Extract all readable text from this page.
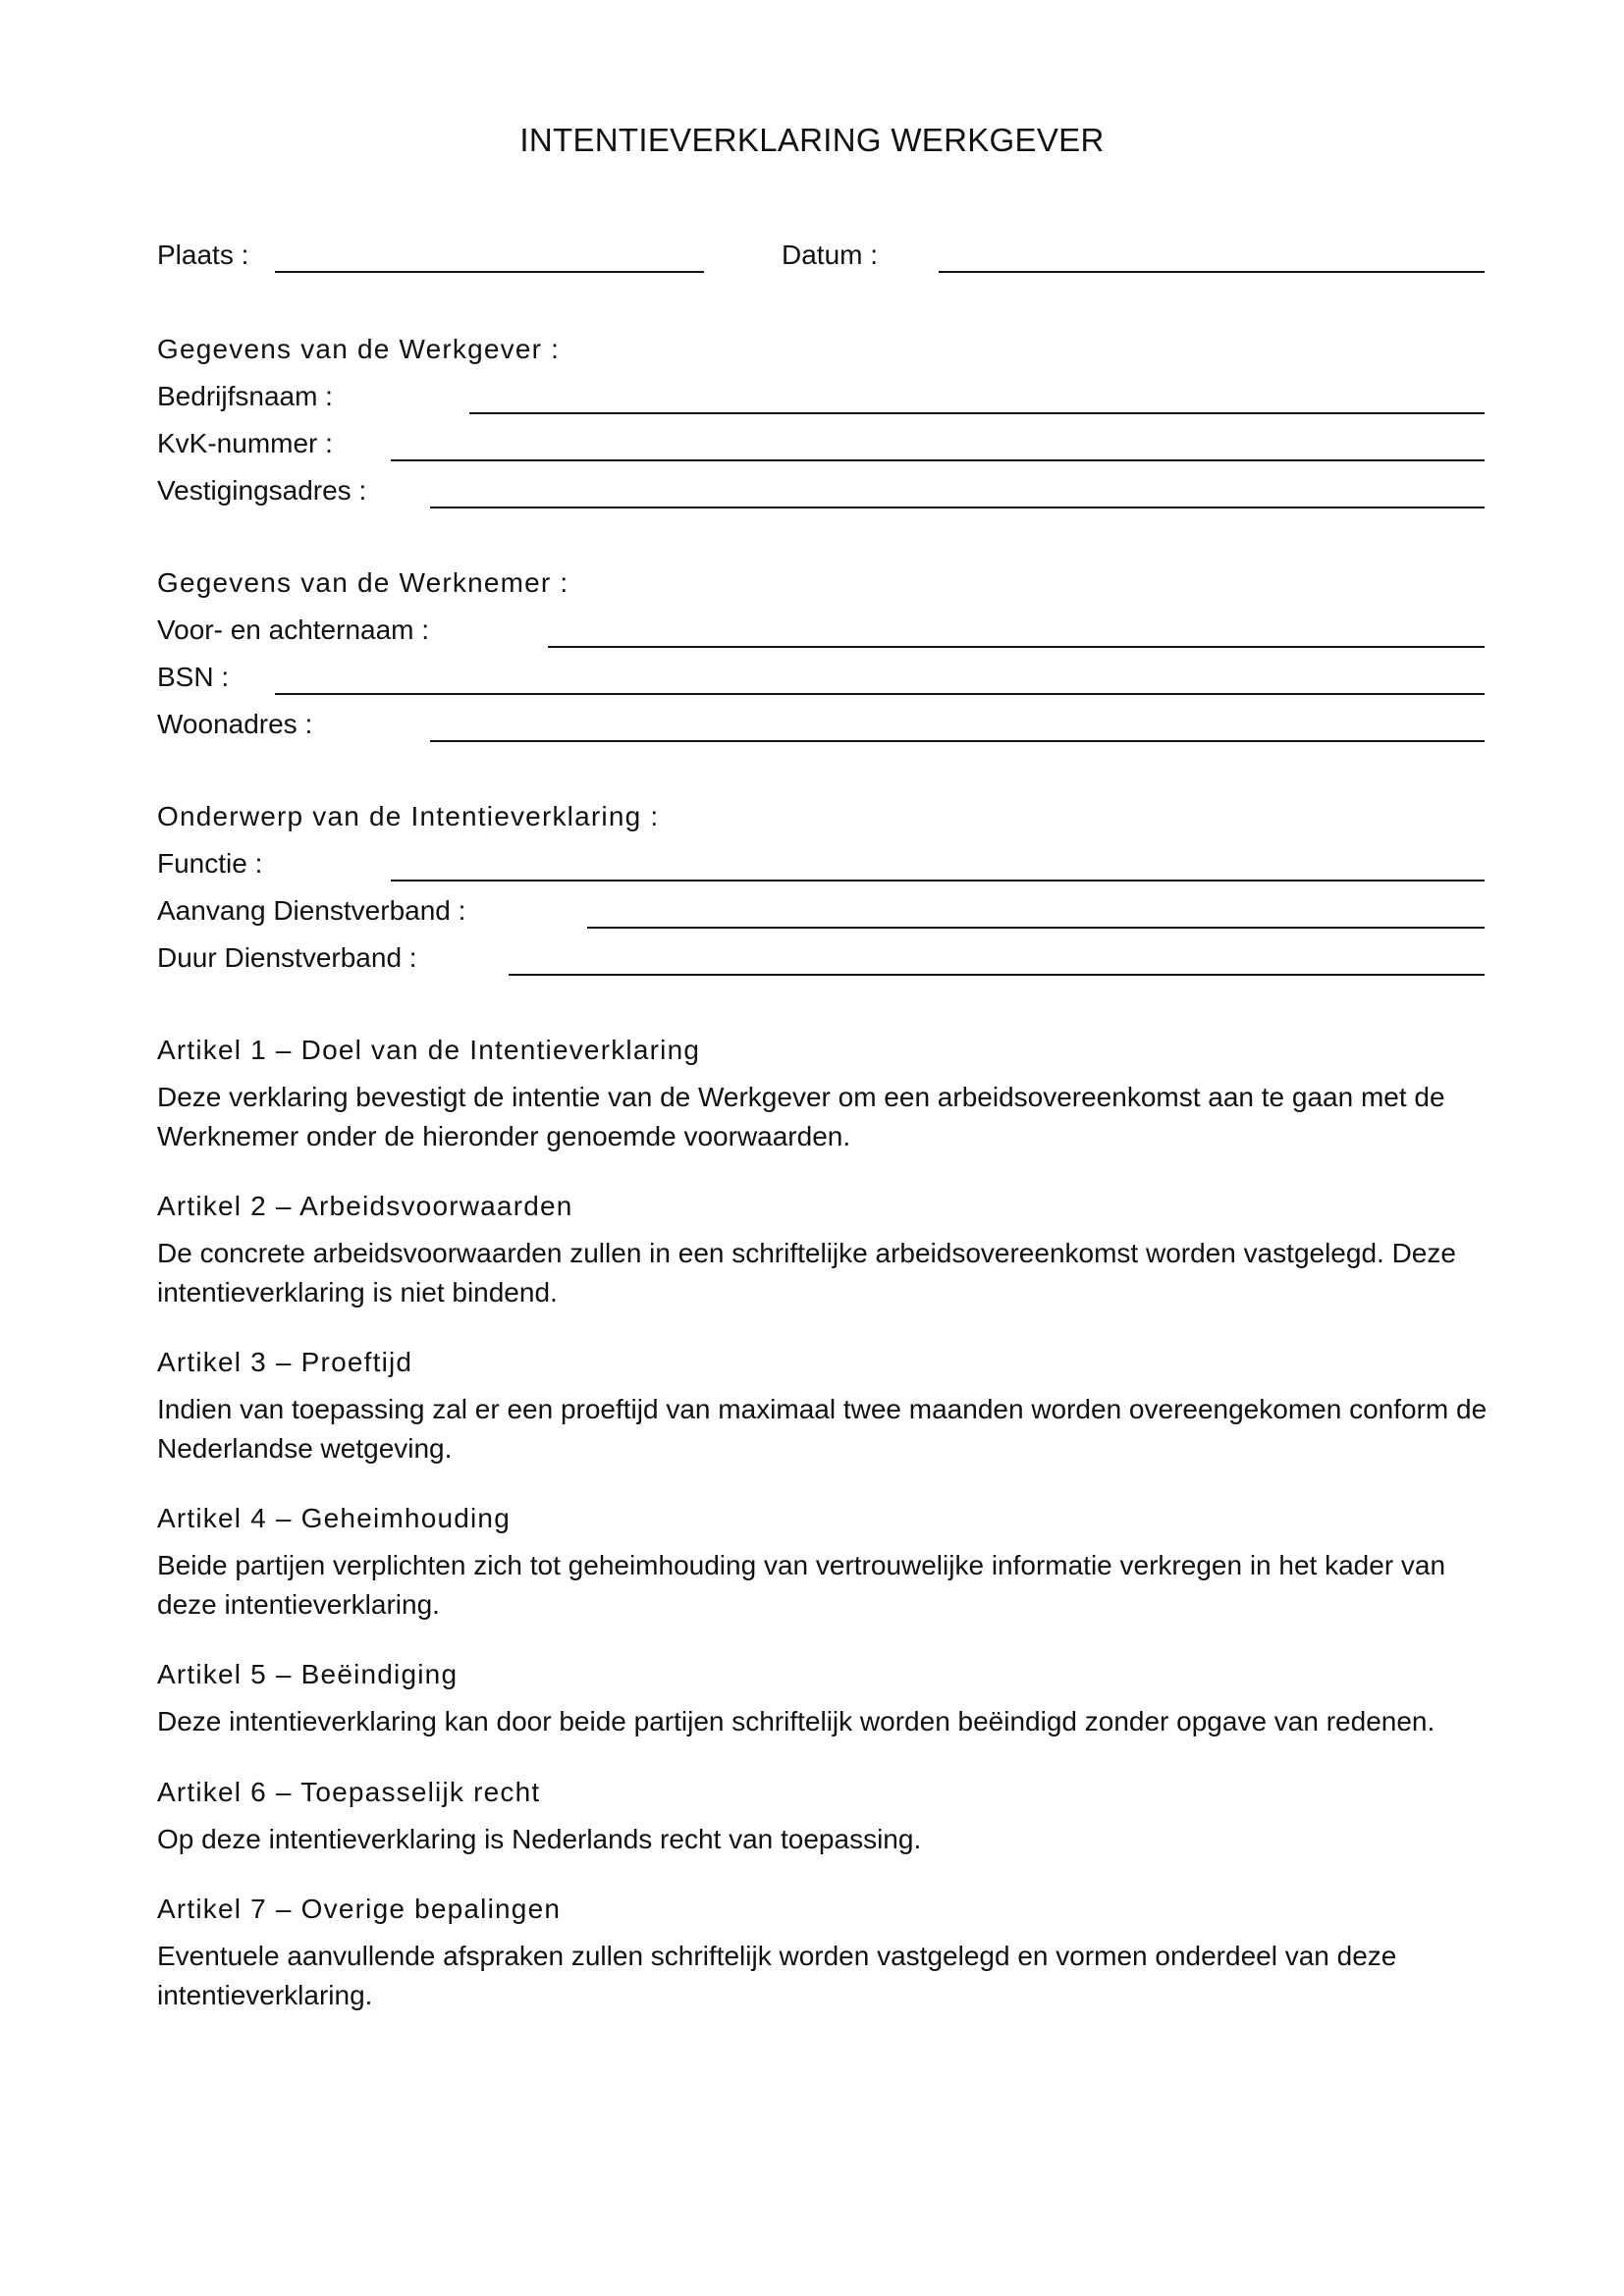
INTENTIEVERKLARING WERKGEVER
Plaats :	Datum :
Gegevens van de Werkgever :
Bedrijfsnaam :
KvK-nummer :
Vestigingsadres :
Gegevens van de Werknemer :
Voor- en achternaam :
BSN :
Woonadres :
Onderwerp van de Intentieverklaring :
Functie :
Aanvang Dienstverband :
Duur Dienstverband :
Artikel 1 – Doel van de Intentieverklaring
Deze verklaring bevestigt de intentie van de Werkgever om een arbeidsovereenkomst aan te gaan met de Werknemer onder de hieronder genoemde voorwaarden.
Artikel 2 – Arbeidsvoorwaarden
De concrete arbeidsvoorwaarden zullen in een schriftelijke arbeidsovereenkomst worden vastgelegd. Deze intentieverklaring is niet bindend.
Artikel 3 – Proeftijd
Indien van toepassing zal er een proeftijd van maximaal twee maanden worden overeengekomen conform de Nederlandse wetgeving.
Artikel 4 – Geheimhouding
Beide partijen verplichten zich tot geheimhouding van vertrouwelijke informatie verkregen in het kader van deze intentieverklaring.
Artikel 5 – Beëindiging
Deze intentieverklaring kan door beide partijen schriftelijk worden beëindigd zonder opgave van redenen.
Artikel 6 – Toepasselijk recht
Op deze intentieverklaring is Nederlands recht van toepassing.
Artikel 7 – Overige bepalingen
Eventuele aanvullende afspraken zullen schriftelijk worden vastgelegd en vormen onderdeel van deze intentieverklaring.
